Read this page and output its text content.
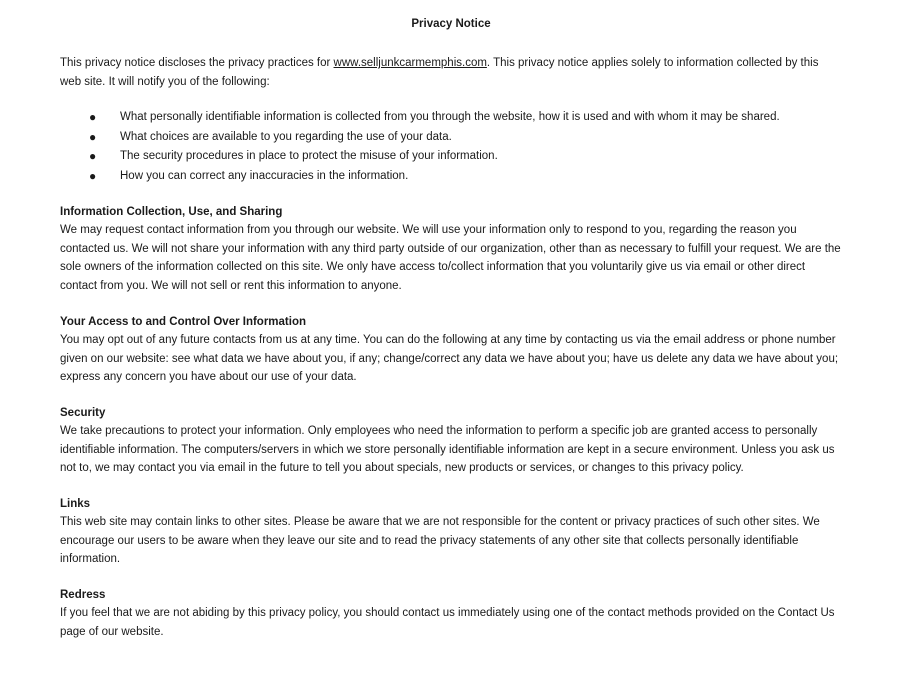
Privacy Notice

This privacy notice discloses the privacy practices for www.selljunkcarmemphis.com. This privacy notice applies solely to information collected by this web site. It will notify you of the following:

● What personally identifiable information is collected from you through the website, how it is used and with whom it may be shared.
● What choices are available to you regarding the use of your data.
● The security procedures in place to protect the misuse of your information.
● How you can correct any inaccuracies in the information.
Information Collection, Use, and Sharing

We may request contact information from you through our website. We will use your information only to respond to you, regarding the reason you contacted us. We will not share your information with any third party outside of our organization, other than as necessary to fulfill your request. We are the sole owners of the information collected on this site. We only have access to/collect information that you voluntarily give us via email or other direct contact from you. We will not sell or rent this information to anyone.

Your Access to and Control Over Information

You may opt out of any future contacts from us at any time. You can do the following at any time by contacting us via the email address or phone number given on our website: see what data we have about you, if any; change/correct any data we have about you; have us delete any data we have about you; express any concern you have about our use of your data.

Security

We take precautions to protect your information. Only employees who need the information to perform a specific job are granted access to personally identifiable information. The computers/servers in which we store personally identifiable information are kept in a secure environment. Unless you ask us not to, we may contact you via email in the future to tell you about specials, new products or services, or changes to this privacy policy.

Links

This web site may contain links to other sites. Please be aware that we are not responsible for the content or privacy practices of such other sites. We encourage our users to be aware when they leave our site and to read the privacy statements of any other site that collects personally identifiable information.

Redress

If you feel that we are not abiding by this privacy policy, you should contact us immediately using one of the contact methods provided on the Contact Us page of our website.
